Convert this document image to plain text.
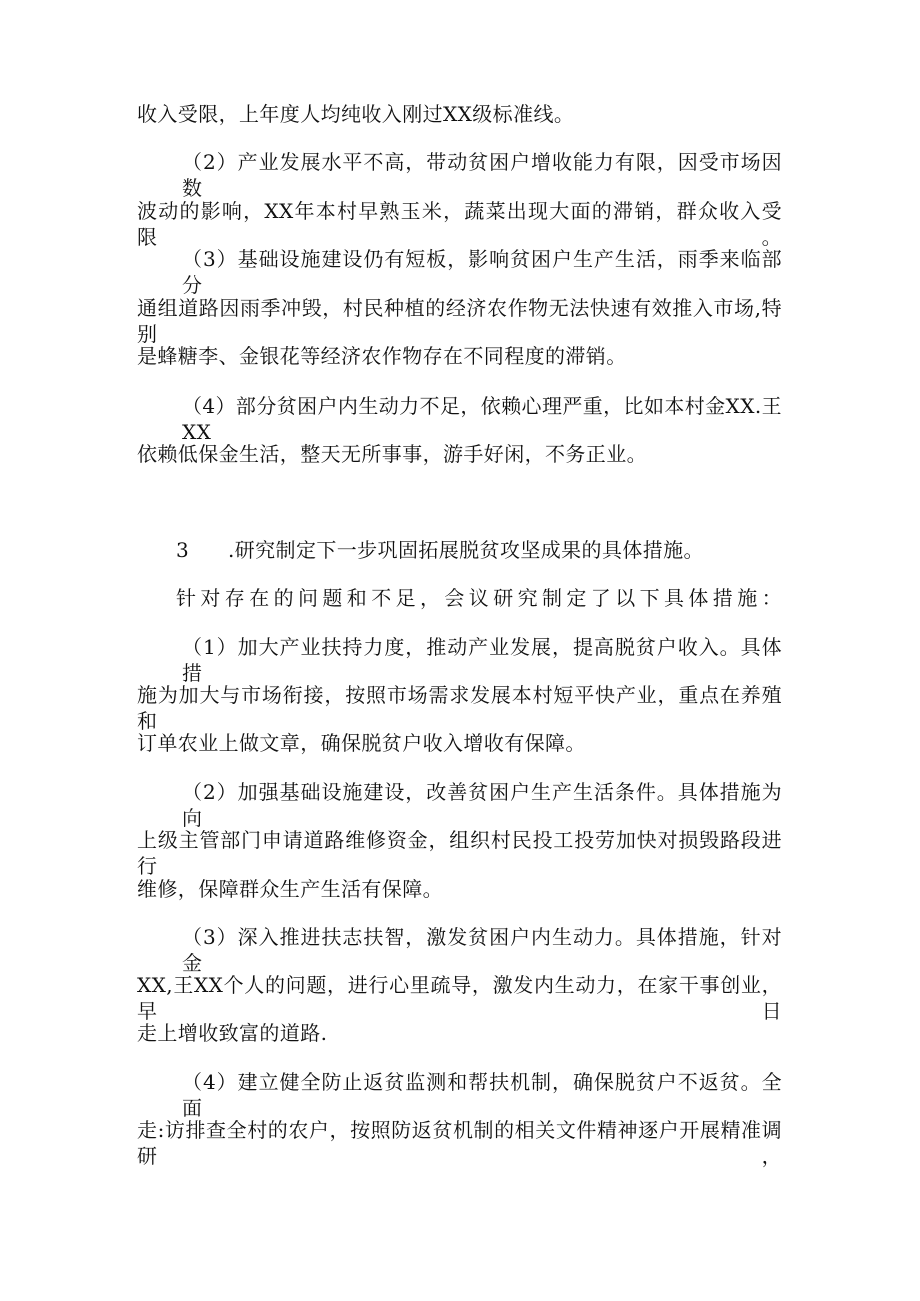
收入受限，上年度人均纯收入刚过XX级标准线。
（2）产业发展水平不高，带动贫困户增收能力有限，因受市场因数
波动的影响，XX年本村早熟玉米，蔬菜出现大面的滞销，群众收入受限。
（3）基础设施建设仍有短板，影响贫困户生产生活，雨季来临部分
通组道路因雨季冲毁，村民种植的经济农作物无法快速有效推入市场,特别
是蜂糖李、金银花等经济农作物存在不同程度的滞销。
（4）部分贫困户内生动力不足，依赖心理严重，比如本村金XX.王XX
依赖低保金生活，整天无所事事，游手好闲，不务正业。
3 .研究制定下一步巩固拓展脱贫攻坚成果的具体措施。
针对存在的问题和不足，会议研究制定了以下具体措施：
（1）加大产业扶持力度，推动产业发展，提高脱贫户收入。具体措
施为加大与市场衔接，按照市场需求发展本村短平快产业，重点在养殖和
订单农业上做文章，确保脱贫户收入增收有保障。
（2）加强基础设施建设，改善贫困户生产生活条件。具体措施为向
上级主管部门申请道路维修资金，组织村民投工投劳加快对损毁路段进行
维修，保障群众生产生活有保障。
（3）深入推进扶志扶智，激发贫困户内生动力。具体措施，针对金
XX,王XX个人的问题，进行心里疏导，激发内生动力，在家干事创业，早日
走上增收致富的道路.
（4）建立健全防止返贫监测和帮扶机制，确保脱贫户不返贫。全面
走:访排查全村的农户，按照防返贫机制的相关文件精神逐户开展精准调研，
